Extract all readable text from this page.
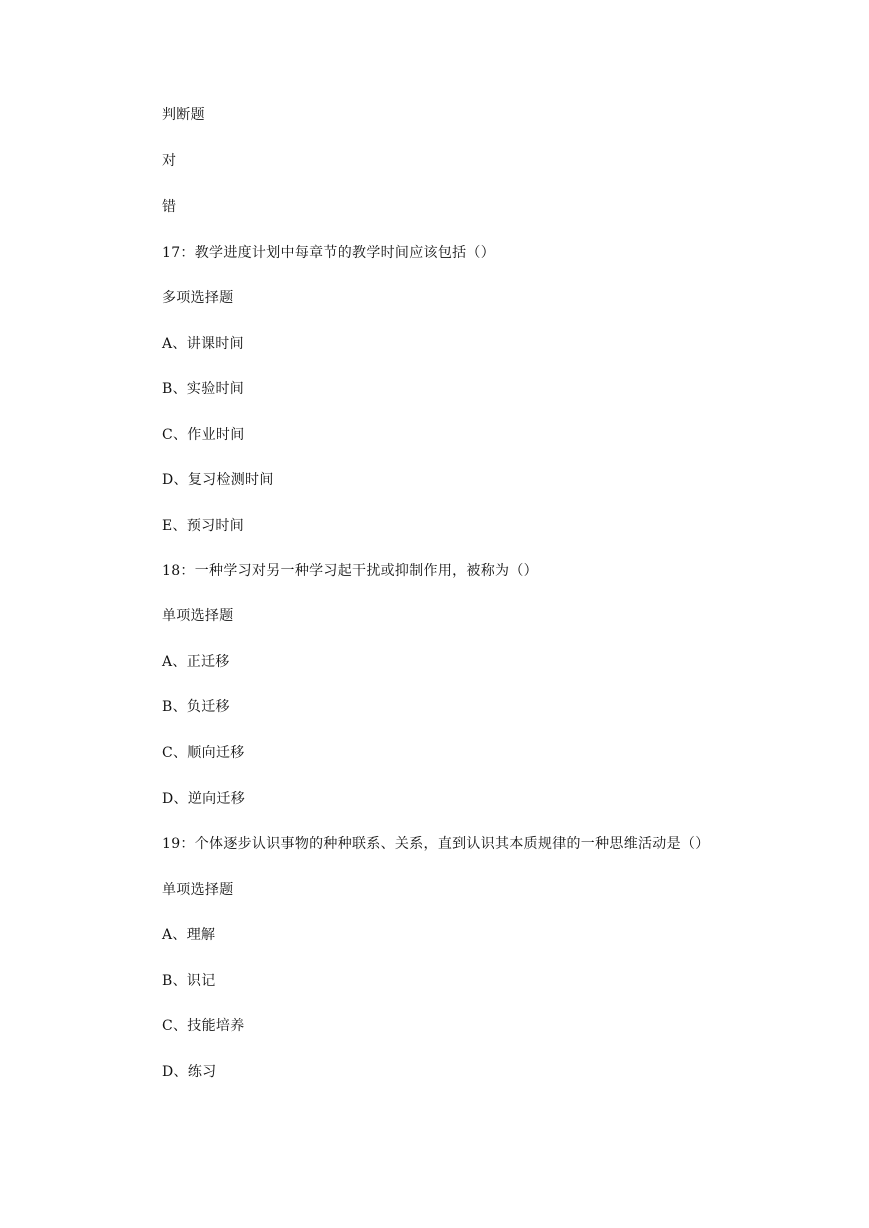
判断题
对
错
17：教学进度计划中每章节的教学时间应该包括（）
多项选择题
A、讲课时间
B、实验时间
C、作业时间
D、复习检测时间
E、预习时间
18：一种学习对另一种学习起干扰或抑制作用，被称为（）
单项选择题
A、正迁移
B、负迁移
C、顺向迁移
D、逆向迁移
19：个体逐步认识事物的种种联系、关系，直到认识其本质规律的一种思维活动是（）
单项选择题
A、理解
B、识记
C、技能培养
D、练习
